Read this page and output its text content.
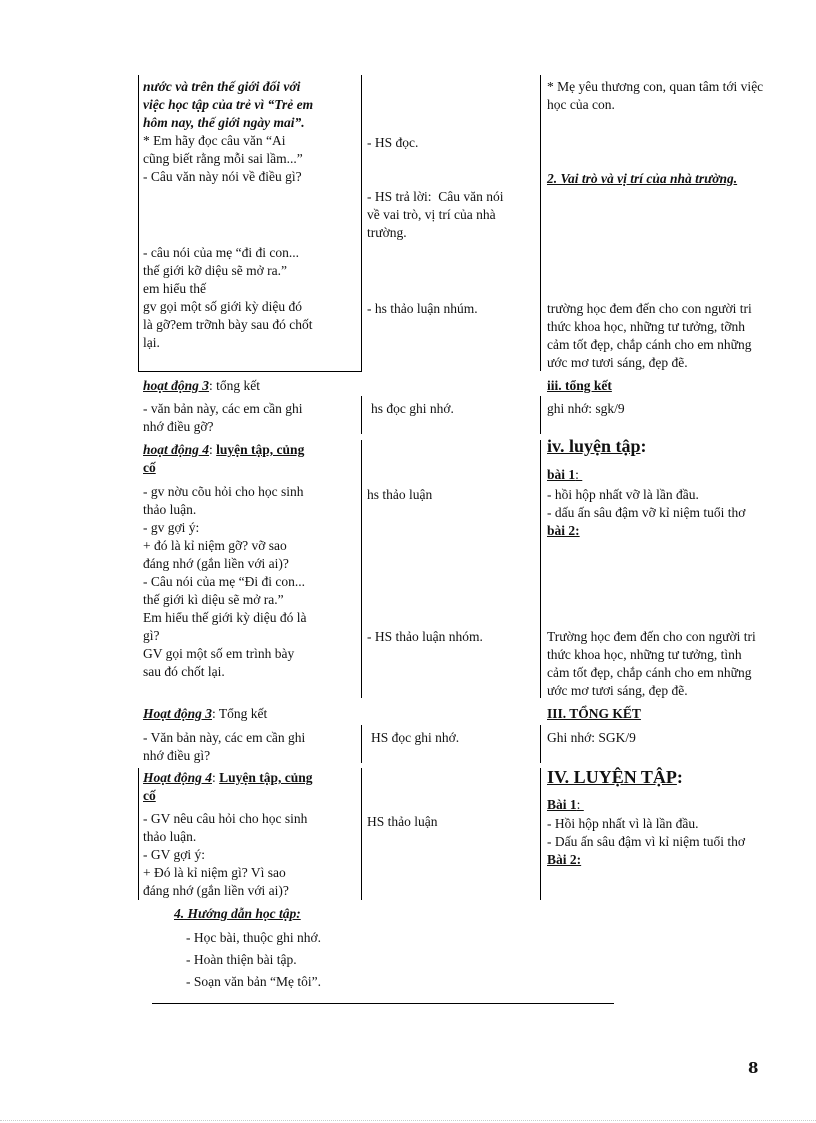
nước và trên thế giới đối với
việc học tập của trẻ vì “Trẻ em
hôm nay, thế giới ngày mai”.
* Em hãy đọc câu văn “Ai
cũng biết rằng mỗi sai lầm...”
- Câu văn này nói về điều gì?
- câu nói của mẹ “đi đi con...
thế giới kỡ diệu sẽ mở ra.”
em hiểu thế
gv gọi một số giới kỳ diệu đó
là gỡ?em trỡnh bày sau đó chốt
lại.
- HS đọc.
- HS trả lời:  Câu văn nói
về vai trò, vị trí của nhà
trường.
- hs thảo luận nhúm.
* Mẹ yêu thương con, quan tâm tới việc
học của con.
2. Vai trò và vị trí của nhà trường.
trường học đem đến cho con người tri
thức khoa học, những tư tưởng, tỡnh
cảm tốt đẹp, chắp cánh cho em những
ước mơ tươi sáng, đẹp đẽ.
hoạt động 3: tổng kết
- văn bản này, các em cần ghi
nhớ điều gỡ?
hs đọc ghi nhớ.
iii. tổng kết
ghi nhớ: sgk/9
hoạt động 4: luyện tập, củng
cố
- gv nờu cõu hỏi cho học sinh
thảo luận.
- gv gợi ý:
+ đó là kỉ niệm gỡ? vỡ sao
đáng nhớ (gắn liền với ai)?
- Câu nói của mẹ “Đi đi con...
thế giới kì diệu sẽ mở ra.”
Em hiểu thế giới kỳ diệu đó là
gì?
GV gọi một số em trình bày
sau đó chốt lại.
hs thảo luận
- HS thảo luận nhóm.
iv. luyện tập:
bài 1:
- hồi hộp nhất vỡ là lần đầu.
- dấu ấn sâu đậm vỡ kỉ niệm tuổi thơ
bài 2:
Trường học đem đến cho con người tri
thức khoa học, những tư tưởng, tình
cảm tốt đẹp, chắp cánh cho em những
ước mơ tươi sáng, đẹp đẽ.
Hoạt động 3: Tổng kết
- Văn bản này, các em cần ghi
nhớ điều gì?
HS đọc ghi nhớ.
III. TỔNG KẾT
Ghi nhớ: SGK/9
Hoạt động 4: Luyện tập, củng
cố
- GV nêu câu hỏi cho học sinh
thảo luận.
- GV gợi ý:
+ Đó là kỉ niệm gì? Vì sao
đáng nhớ (gắn liền với ai)?
HS thảo luận
IV. LUYỆN TẬP:
Bài 1:
- Hồi hộp nhất vì là lần đầu.
- Dấu ấn sâu đậm vì kỉ niệm tuổi thơ
Bài 2:
4. Hướng dẫn học tập:
- Học bài, thuộc ghi nhớ.
- Hoàn thiện bài tập.
- Soạn văn bản “Mẹ tôi”.
8
